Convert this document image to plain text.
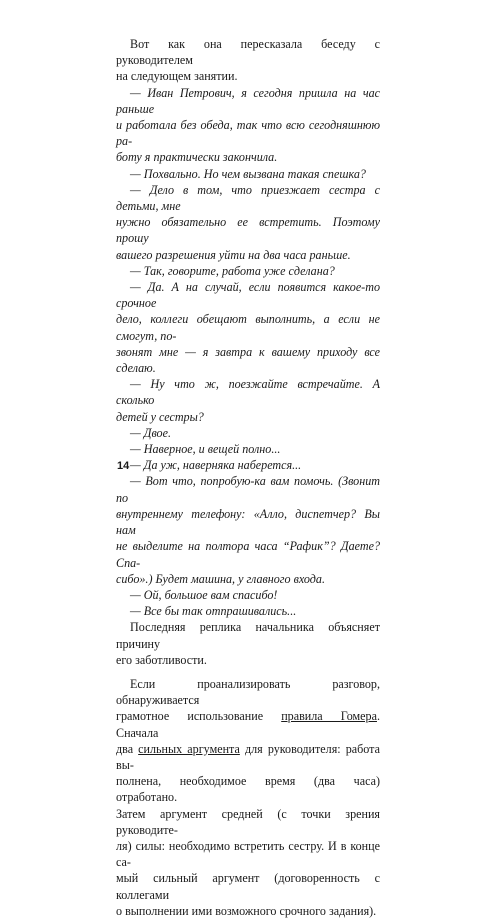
Вот как она пересказала беседу с руководителем
на следующем занятии.

— Иван Петрович, я сегодня пришла на час раньше
и работала без обеда, так что всю сегодняшнюю ра-
боту я практически закончила.

— Похвально. Но чем вызвана такая спешка?

— Дело в том, что приезжает сестра с детьми, мне
нужно обязательно ее встретить. Поэтому прошу
вашего разрешения уйти на два часа раньше.

— Так, говорите, работа уже сделана?

— Да. А на случай, если появится какое-то срочное
дело, коллеги обещают выполнить, а если не смогут, по-
звонят мне — я завтра к вашему приходу все сделаю.

— Ну что ж, поезжайте встречайте. А сколько
детей у сестры?

— Двое.

— Наверное, и вещей полно...

— Да уж, наверняка наберется...

— Вот что, попробую-ка вам помочь. (Звонит по
внутреннему телефону: «Алло, диспетчер? Вы нам
не выделите на полтора часа “Рафик”? Даете? Спа-
сибо».) Будет машина, у главного входа.

— Ой, большое вам спасибо!

— Все бы так отпрашивались...

Последняя реплика начальника объясняет причину
его заботливости.

Если проанализировать разговор, обнаруживается
грамотное использование правила Гомера. Сначала
два сильных аргумента для руководителя: работа вы-
полнена, необходимое время (два часа) отработано.
Затем аргумент средней (с точки зрения руководите-
ля) силы: необходимо встретить сестру. И в конце са-
мый сильный аргумент (договоренность с коллегами
о выполнении ими возможного срочного задания).

14
